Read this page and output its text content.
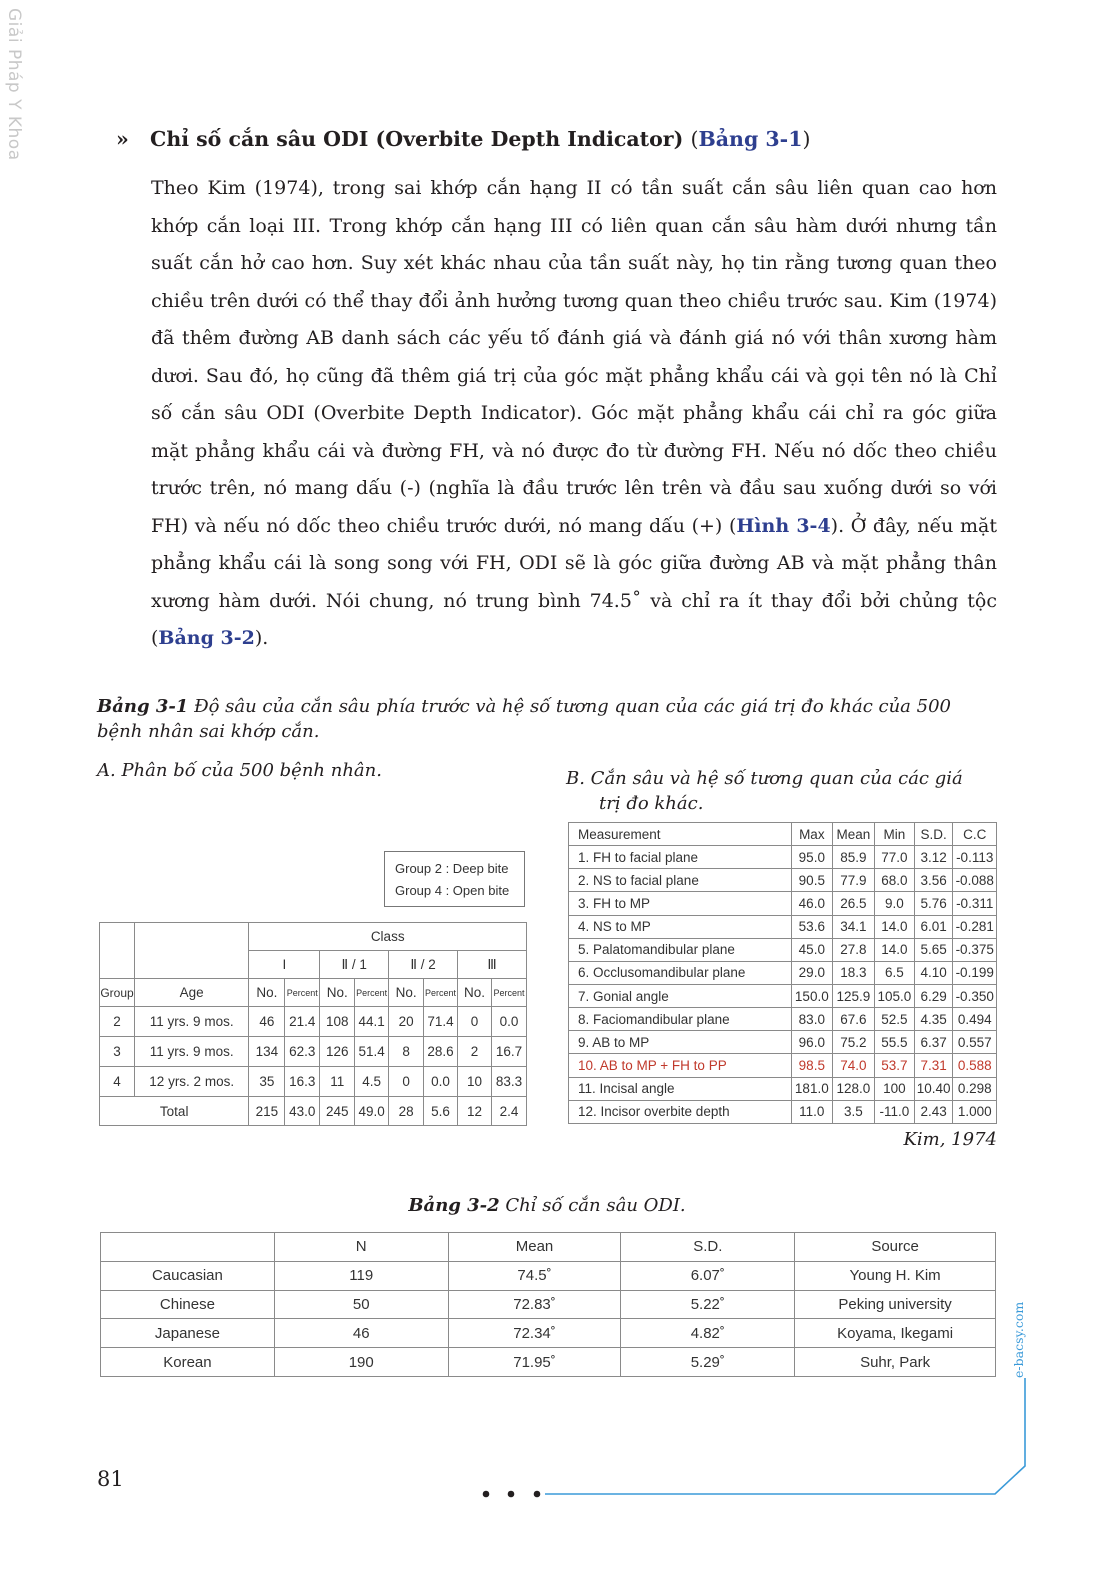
Giải Pháp Y Khoa	» Chỉ số cắn sâu ODI (Overbite Depth Indicator) (Bảng 3-1)

Theo Kim (1974), trong sai khớp cắn hạng II có tần suất cắn sâu liên quan cao hơn khớp cắn loại III. Trong khớp cắn hạng III có liên quan cắn sâu hàm dưới nhưng tần suất cắn hở cao hơn. Suy xét khác nhau của tần suất này, họ tin rằng tương quan theo chiều trên dưới có thể thay đổi ảnh hưởng tương quan theo chiều trước sau. Kim (1974) đã thêm đường AB danh sách các yếu tố đánh giá và đánh giá nó với thân xương hàm dươi. Sau đó, họ cũng đã thêm giá trị của góc mặt phẳng khẩu cái và gọi tên nó là Chỉ số cắn sâu ODI (Overbite Depth Indicator). Góc mặt phẳng khẩu cái chỉ ra góc giữa mặt phẳng khẩu cái và đường FH, và nó được đo từ đường FH. Nếu nó dốc theo chiều trước trên, nó mang dấu (-) (nghĩa là đầu trước lên trên và đầu sau xuống dưới so với FH) và nếu nó dốc theo chiều trước dưới, nó mang dấu (+) (Hình 3-4). Ở đây, nếu mặt phẳng khẩu cái là song song với FH, ODI sẽ là góc giữa đường AB và mặt phẳng thân xương hàm dưới. Nói chung, nó trung bình 74.5˚ và chỉ ra ít thay đổi bởi chủng tộc (Bảng 3-2).

Bảng 3-1 Độ sâu của cắn sâu phía trước và hệ số tương quan của các giá trị đo khác của 500 bệnh nhân sai khớp cắn.
A. Phân bố của 500 bệnh nhân.	B. Cắn sâu và hệ số tương quan của các giá
trị đo khác.
Group 2 : Deep bite
Group 4 : Open bite
		Class							
		I		Ⅱ / 1		Ⅱ / 2		Ⅲ	

Group	Age	No.	Percent	No.	Percent	No.	Percent	No.	Percent
2	11 yrs. 9 mos.	46	21.4	108	44.1	20	71.4	0	0.0
3	11 yrs. 9 mos.	134	62.3	126	51.4	8	28.6	2	16.7
4	12 yrs. 2 mos.	35	16.3	11	4.5	0	0.0	10	83.3
Total		215	43.0	245	49.0	28	5.6	12	2.4
Measurement	Max	Mean	Min	S.D.	C.C
1. FH to facial plane	95.0	85.9	77.0	3.12	-0.113
2. NS to facial plane	90.5	77.9	68.0	3.56	-0.088
3. FH to MP	46.0	26.5	9.0	5.76	-0.311
4. NS to MP	53.6	34.1	14.0	6.01	-0.281
5. Palatomandibular plane	45.0	27.8	14.0	5.65	-0.375
6. Occlusomandibular plane	29.0	18.3	6.5	4.10	-0.199
7. Gonial angle	150.0	125.9	105.0	6.29	-0.350
8. Faciomandibular plane	83.0	67.6	52.5	4.35	0.494
9. AB to MP	96.0	75.2	55.5	6.37	0.557
10. AB to MP + FH to PP	98.5	74.0	53.7	7.31	0.588
11. Incisal angle	181.0	128.0	100	10.40	0.298
12. Incisor overbite depth	11.0	3.5	-11.0	2.43	1.000
Kim, 1974
Bảng 3-2 Chỉ số cắn sâu ODI.
	N	Mean	S.D.	Source
Caucasian	119	74.5˚	6.07˚	Young H. Kim
Chinese	50	72.83˚	5.22˚	Peking university
Japanese	46	72.34˚	4.82˚	Koyama, Ikegami
Korean	190	71.95˚	5.29˚	Suhr, Park	e-bacsy.com
81
